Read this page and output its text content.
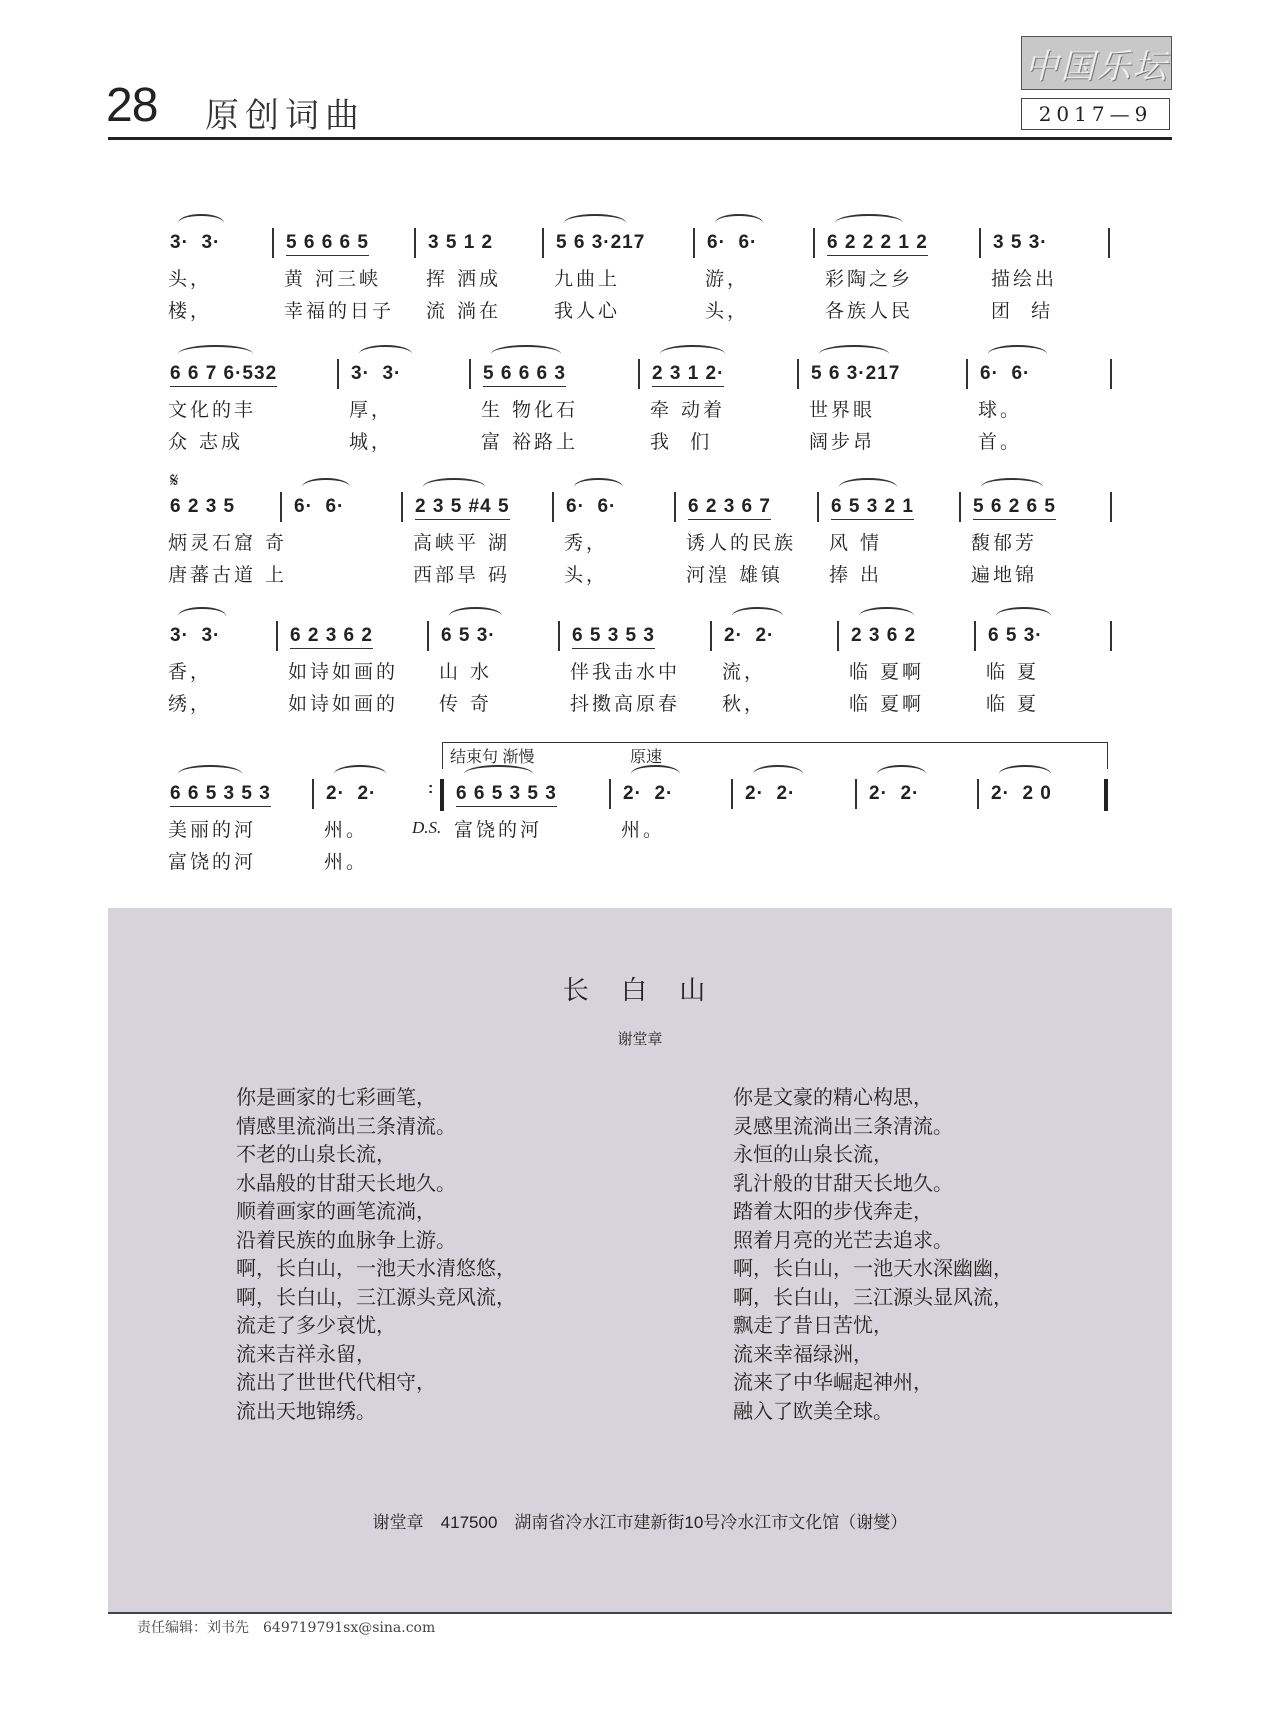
28 原创词曲
中国乐坛
2017—9
3·  3·
头，
楼，
5 6 6 6 5
黄 河三峡
幸福的日子
3 5 1 2
挥 洒成
流 淌在
5 6 3·217
九曲上
我人心
6·  6·
游，
头，
6 2 2 2 1 2
彩陶之乡
各族人民
3 5 3·
描绘出
团  结
6 6 7 6·532
文化的丰
众 志成
3·  3·
厚，
城，
5 6 6 6 3
生 物化石
富 裕路上
2 3 1 2·
牵 动着
我  们
5 6 3·217
世界眼
阔步昂
6·  6·
球。
首。
6 2 3 5
炳灵石窟 奇
唐蕃古道 上
6·  6·	2 3 5 #4 5
高峡平 湖
西部旱 码
6·  6·
秀，
头，
6 2 3 6 7
诱人的民族
河湟 雄镇
6 5 3 2 1
风 情
捧 出
5 6 2 6 5
馥郁芳
遍地锦
3·  3·
香，
绣，
6 2 3 6 2
如诗如画的
如诗如画的
6 5 3·
山 水
传 奇
6 5 3 5 3
伴我击水中
抖擞高原春
2·  2·
流，
秋，
2 3 6 2
临 夏啊
临 夏啊
6 5 3·
临 夏
临 夏
6 6 5 3 5 3
美丽的河
富饶的河
2·  2·
州。
州。
6 6 5 3 5 3
富饶的河
2·  2·
州。
2·  2·	2·  2·	2·  2 0
:
𝄋
结束句 渐慢	原速
D.S.
长 白 山
谢堂章
你是画家的七彩画笔，
情感里流淌出三条清流。
不老的山泉长流，
水晶般的甘甜天长地久。
顺着画家的画笔流淌，
沿着民族的血脉争上游。
啊，长白山，一池天水清悠悠，
啊，长白山，三江源头竞风流，
流走了多少哀忧，
流来吉祥永留，
流出了世世代代相守，
流出天地锦绣。
你是文豪的精心构思，
灵感里流淌出三条清流。
永恒的山泉长流，
乳汁般的甘甜天长地久。
踏着太阳的步伐奔走，
照着月亮的光芒去追求。
啊，长白山，一池天水深幽幽，
啊，长白山，三江源头显风流，
飘走了昔日苦忧，
流来幸福绿洲，
流来了中华崛起神州，
融入了欧美全球。
谢堂章　417500　湖南省冷水江市建新街10号冷水江市文化馆（谢燮）
责任编辑：刘书先　649719791sx@sina.com
